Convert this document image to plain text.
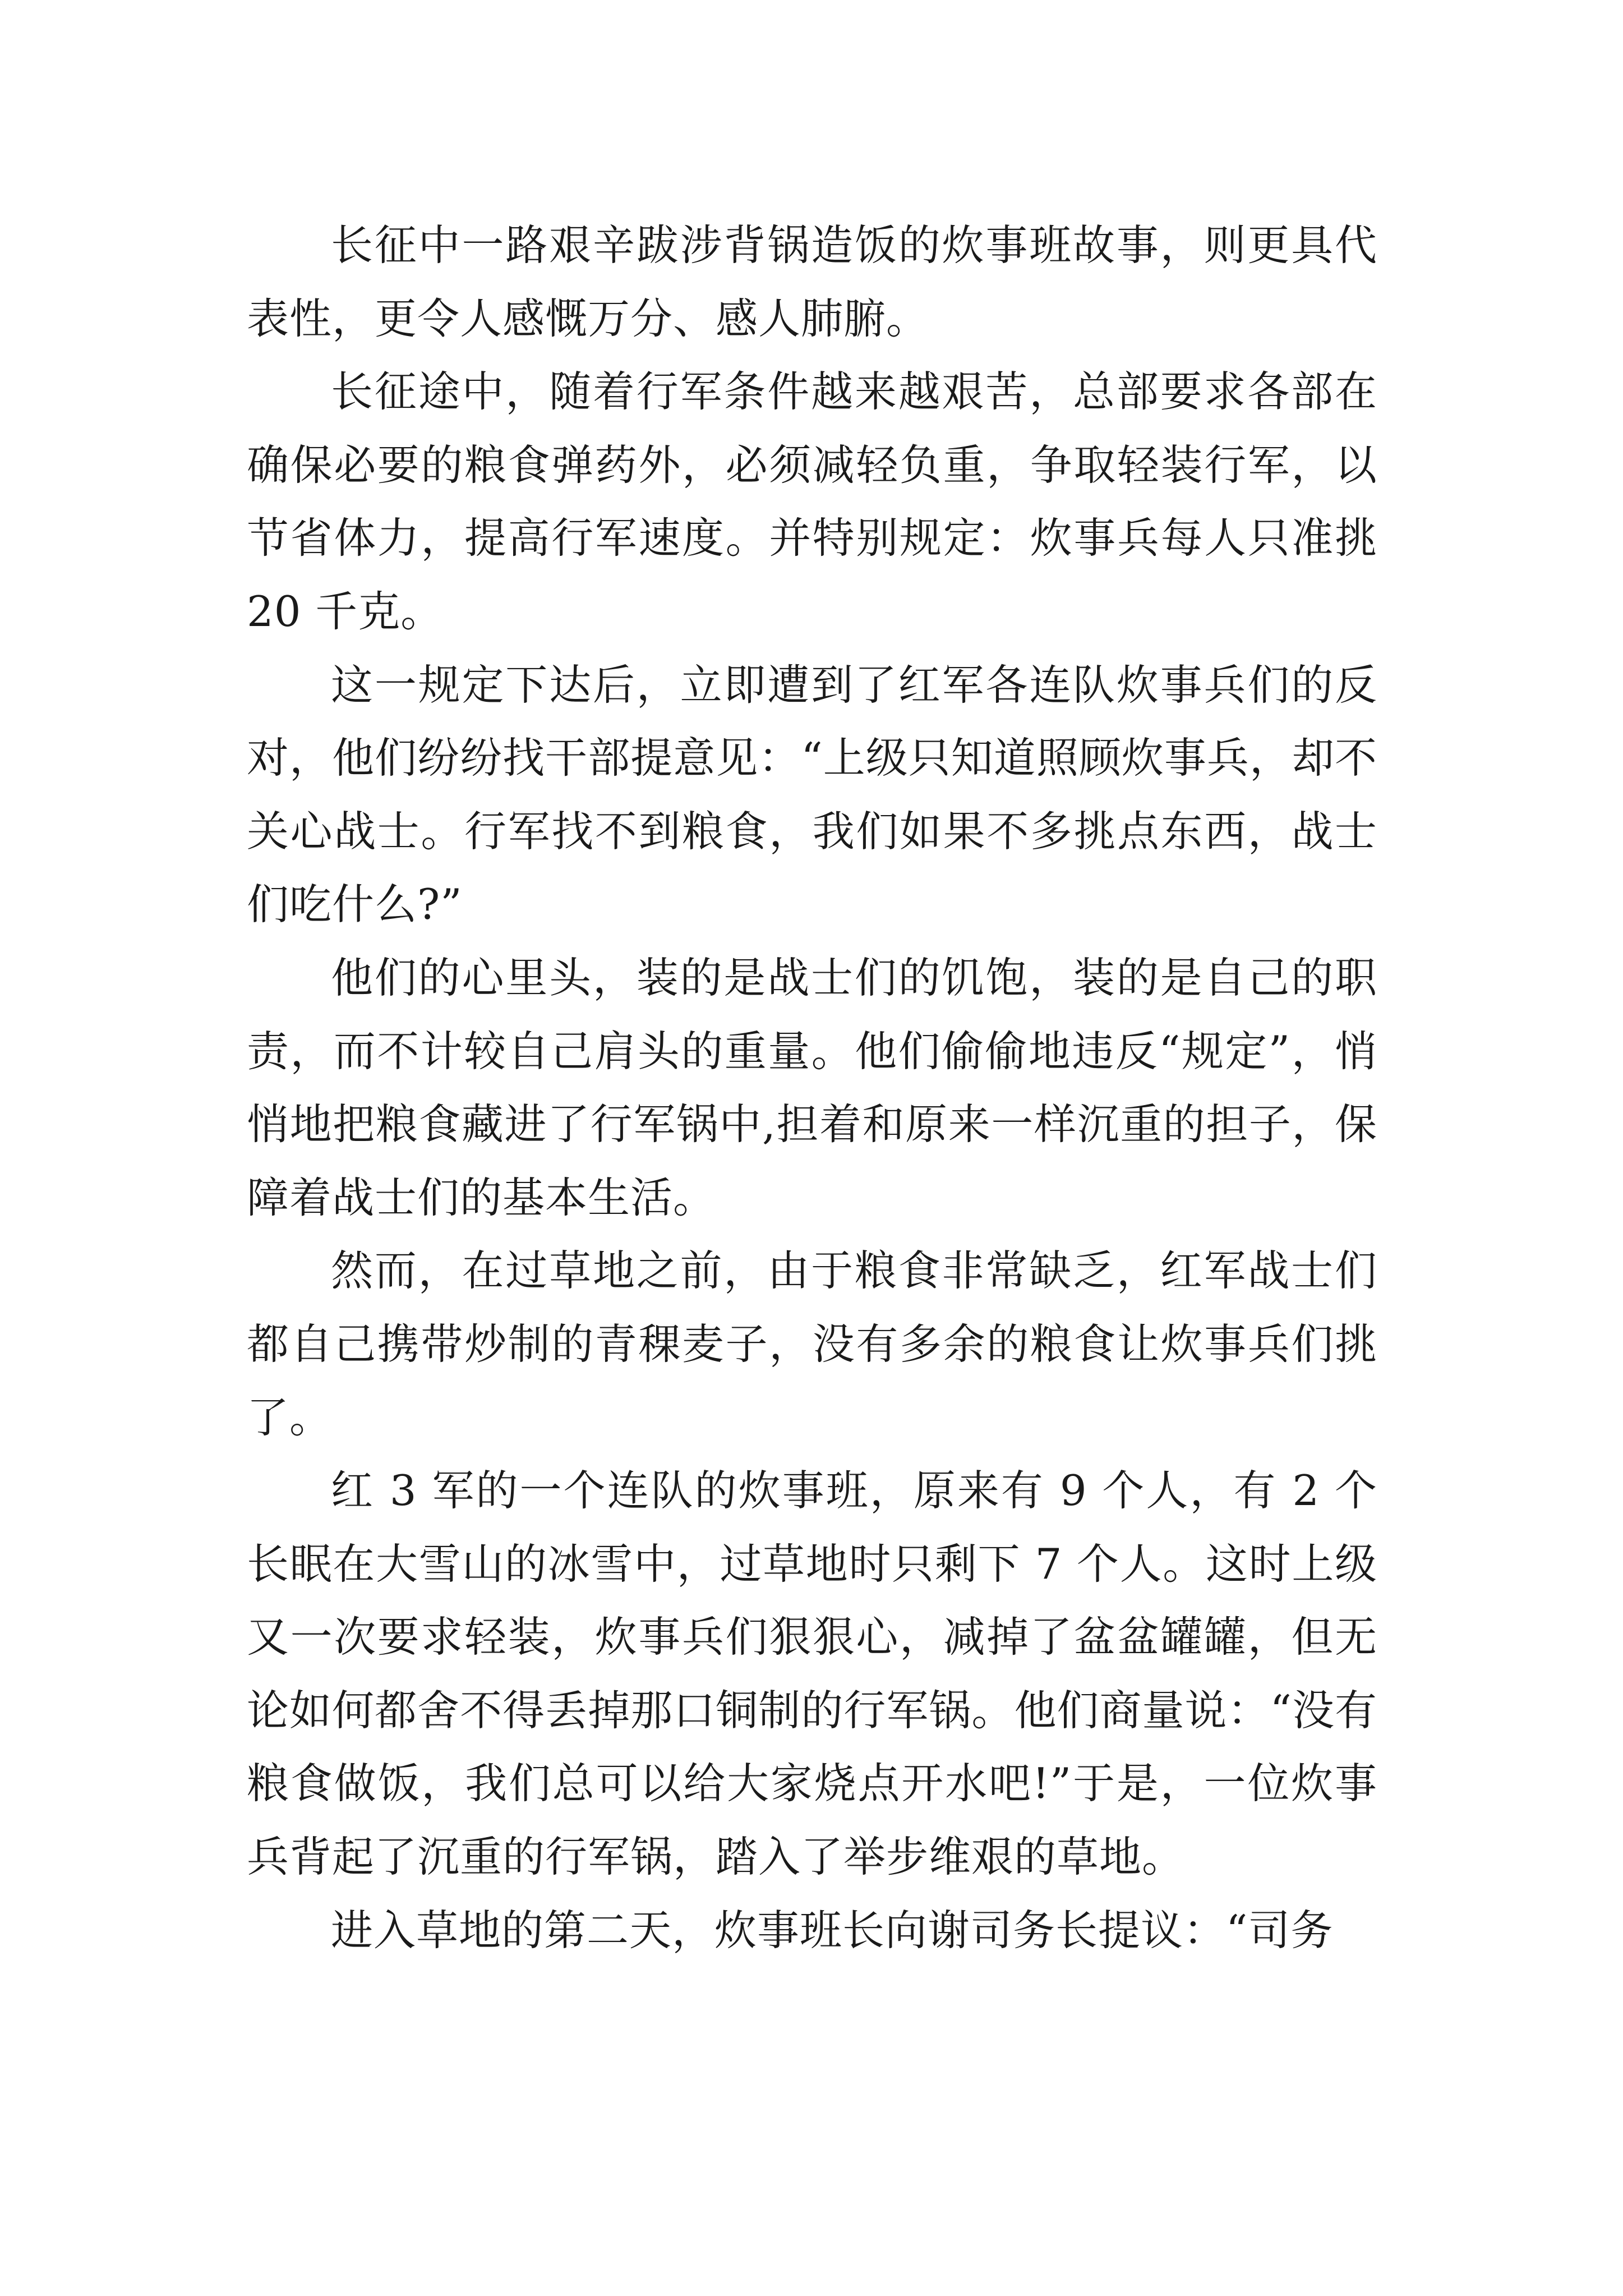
长征中一路艰辛跋涉背锅造饭的炊事班故事，则更具代表性，更令人感慨万分、感人肺腑。

长征途中，随着行军条件越来越艰苦，总部要求各部在确保必要的粮食弹药外，必须减轻负重，争取轻装行军，以节省体力，提高行军速度。并特别规定：炊事兵每人只准挑 20 千克。

这一规定下达后，立即遭到了红军各连队炊事兵们的反对，他们纷纷找干部提意见：“上级只知道照顾炊事兵，却不关心战士。行军找不到粮食，我们如果不多挑点东西，战士们吃什么?”

他们的心里头，装的是战士们的饥饱，装的是自己的职责，而不计较自己肩头的重量。他们偷偷地违反“规定”，悄悄地把粮食藏进了行军锅中,担着和原来一样沉重的担子，保障着战士们的基本生活。

然而，在过草地之前，由于粮食非常缺乏，红军战士们都自己携带炒制的青稞麦子，没有多余的粮食让炊事兵们挑了。

红 3 军的一个连队的炊事班，原来有 9 个人，有 2 个长眠在大雪山的冰雪中，过草地时只剩下 7 个人。这时上级又一次要求轻装，炊事兵们狠狠心，减掉了盆盆罐罐，但无论如何都舍不得丢掉那口铜制的行军锅。他们商量说：“没有粮食做饭，我们总可以给大家烧点开水吧!”于是，一位炊事兵背起了沉重的行军锅，踏入了举步维艰的草地。

进入草地的第二天，炊事班长向谢司务长提议：“司务
